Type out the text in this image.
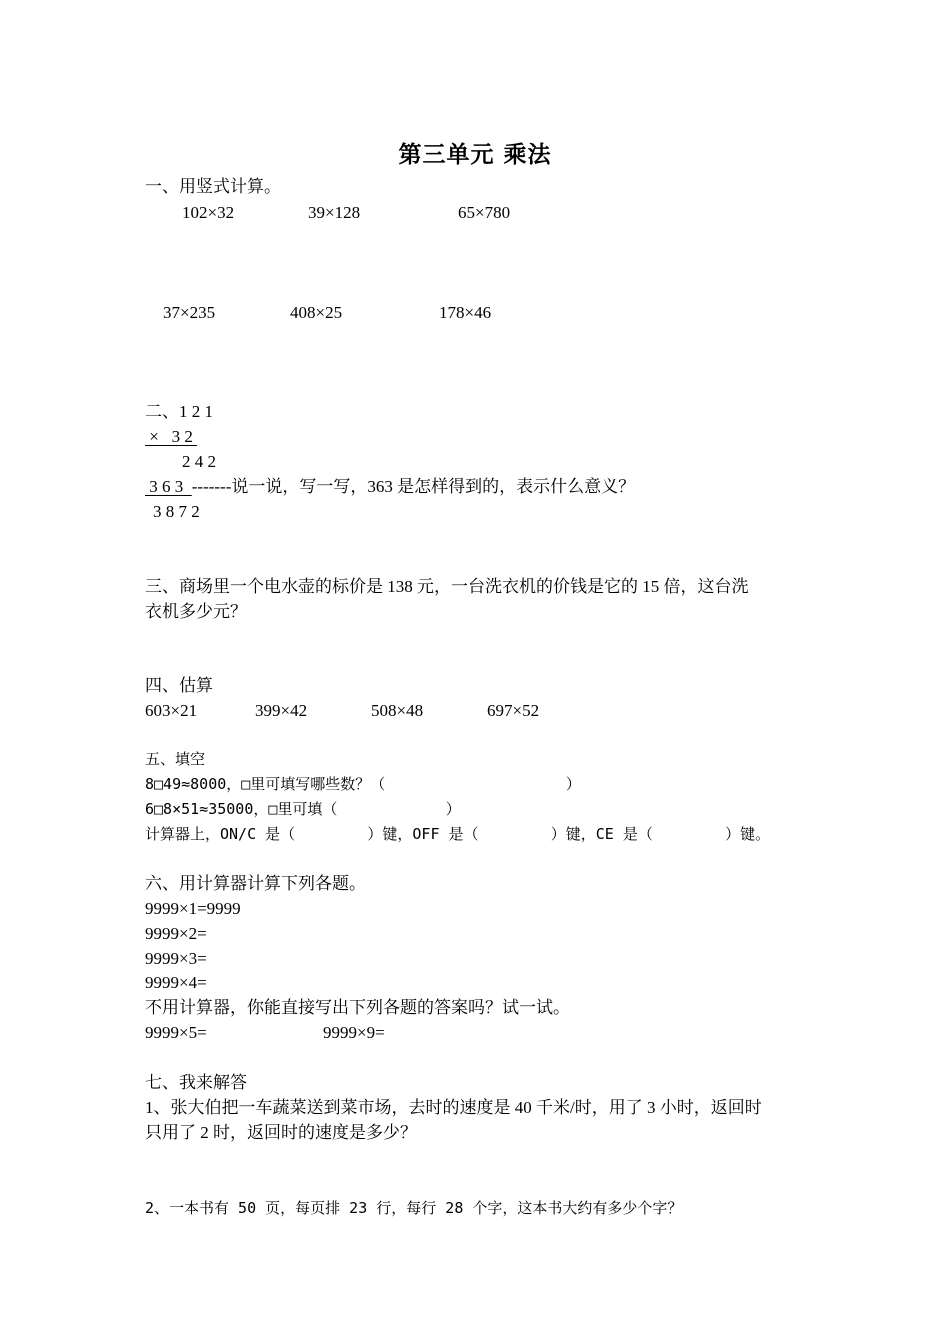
第三单元 乘法
一、用竖式计算。
102×32	39×128	65×780
37×235	408×25	178×46
二、1 2 1
×   3 2
2 4 2
3 6 3  -------说一说，写一写，363 是怎样得到的，表示什么意义？
3 8 7 2
三、商场里一个电水壶的标价是 138 元，一台洗衣机的价钱是它的 15 倍，这台洗
衣机多少元？
四、估算
603×21	399×42	508×48	697×52
五、填空
8□49≈8000，□里可填写哪些数？（                    ）
6□8×51≈35000，□里可填（            ）
计算器上，ON/C 是（        ）键，OFF 是（        ）键，CE 是（        ）键。
六、用计算器计算下列各题。
9999×1=9999
9999×2=
9999×3=
9999×4=
不用计算器，你能直接写出下列各题的答案吗？试一试。
9999×5=	9999×9=
七、我来解答
1、张大伯把一车蔬菜送到菜市场，去时的速度是 40 千米/时，用了 3 小时，返回时
只用了 2 时，返回时的速度是多少？
2、一本书有 50 页，每页排 23 行，每行 28 个字，这本书大约有多少个字？
